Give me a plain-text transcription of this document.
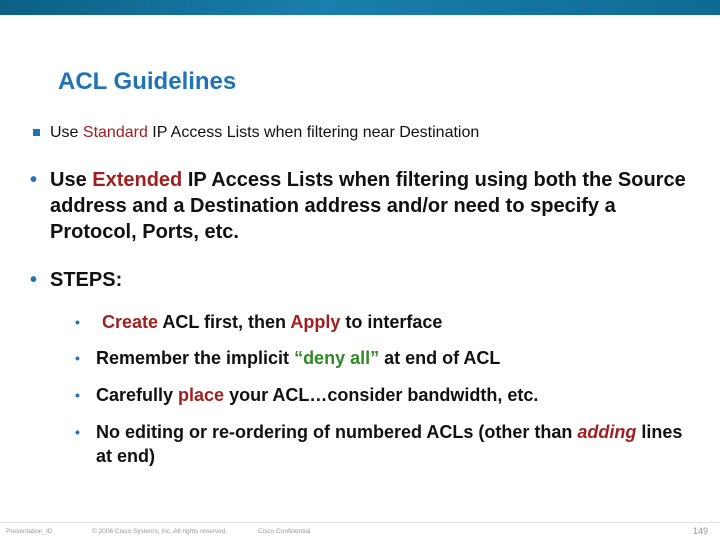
ACL Guidelines
Use Standard IP Access Lists when filtering near Destination
• Use Extended IP Access Lists when filtering using both the Source address and a Destination address and/or need to specify a Protocol, Ports, etc.
• STEPS:
• Create ACL first, then Apply to interface
• Remember the implicit “deny all” at end of ACL
• Carefully place your ACL…consider bandwidth, etc.
• No editing or re-ordering of numbered ACLs (other than adding lines at end)
Presentation_ID	© 2006 Cisco Systems, Inc. All rights reserved.	Cisco Confidential	149
